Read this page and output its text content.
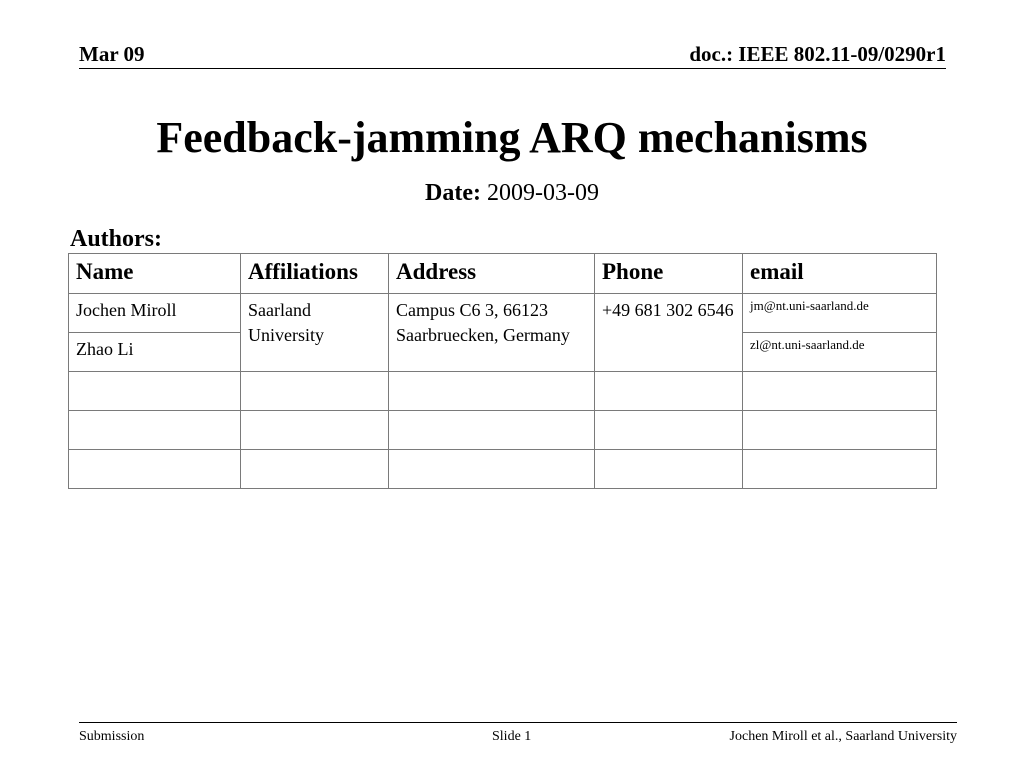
Mar 09	doc.: IEEE 802.11-09/0290r1
Feedback-jamming ARQ mechanisms
Date: 2009-03-09
Authors:
Name	Affiliations	Address	Phone	email
Jochen Miroll	Saarland University	Campus C6 3, 66123 Saarbruecken, Germany	+49 681 302 6546	jm@nt.uni-saarland.de
Zhao Li				zl@nt.uni-saarland.de

Submission	Slide 1	Jochen Miroll et al., Saarland University
